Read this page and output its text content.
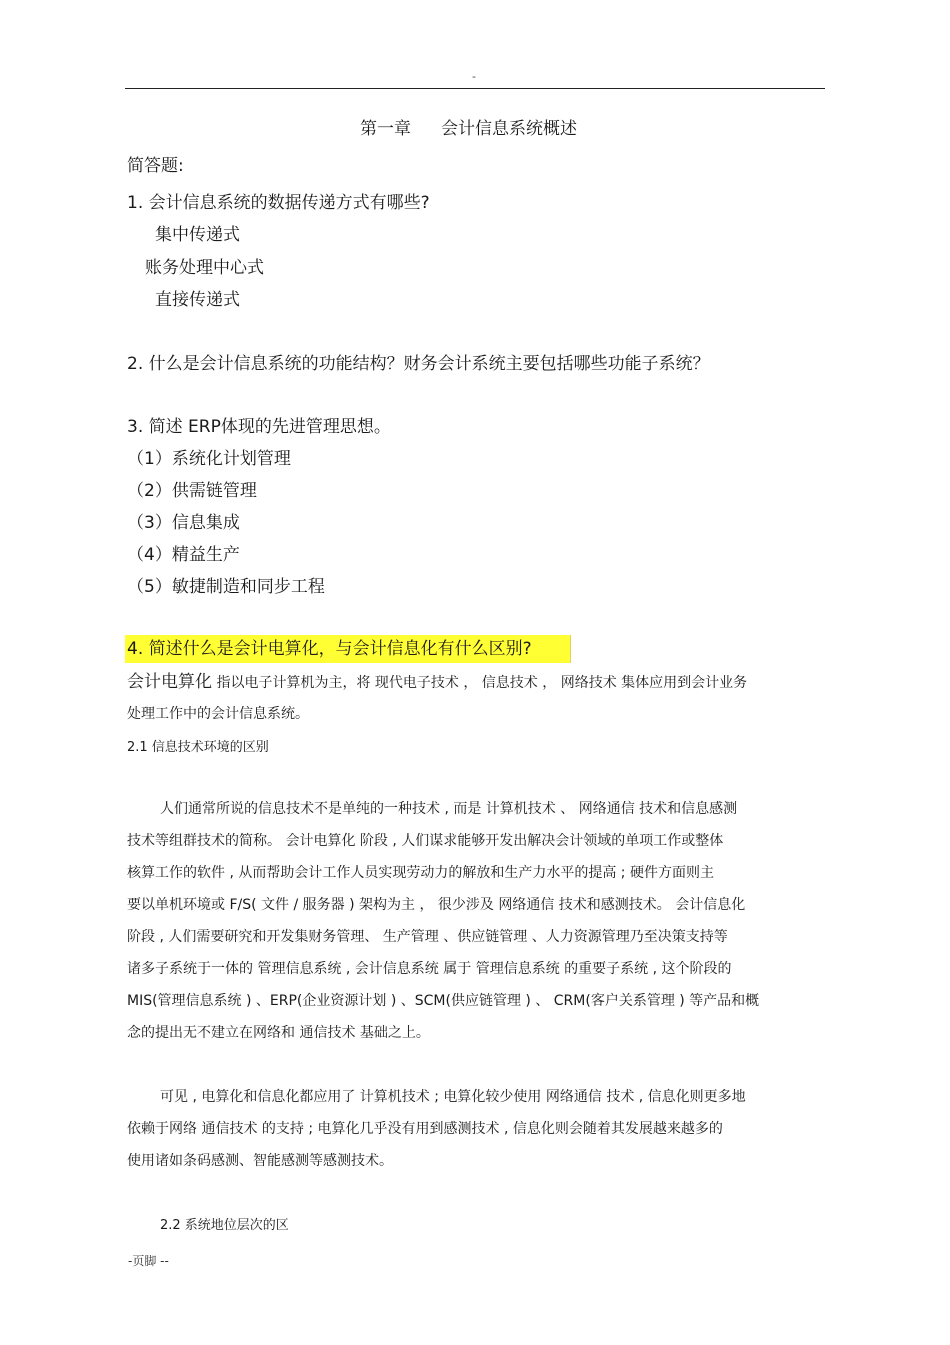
-
第一章 会计信息系统概述
简答题:
1. 会计信息系统的数据传递方式有哪些?
集中传递式
账务处理中心式
直接传递式
2. 什么是会计信息系统的功能结构？财务会计系统主要包括哪些功能子系统？
3. 简述 ERP体现的先进管理思想。
（1）系统化计划管理
（2）供需链管理
（3）信息集成
（4）精益生产
（5）敏捷制造和同步工程
4. 简述什么是会计电算化，与会计信息化有什么区别?
会计电算化 指以电子计算机为主，将 现代电子技术 ， 信息技术 ， 网络技术 集体应用到会计业务
处理工作中的会计信息系统。
2.1 信息技术环境的区别
人们通常所说的信息技术不是单纯的一种技术 , 而是 计算机技术 、 网络通信 技术和信息感测
技术等组群技术的简称。 会计电算化 阶段 , 人们谋求能够开发出解决会计领域的单项工作或整体
核算工作的软件 , 从而帮助会计工作人员实现劳动力的解放和生产力水平的提高 ; 硬件方面则主
要以单机环境或 F/S( 文件 / 服务器 ) 架构为主 ， 很少涉及 网络通信 技术和感测技术。 会计信息化
阶段 , 人们需要研究和开发集财务管理、 生产管理 、供应链管理 、人力资源管理乃至决策支持等
诸多子系统于一体的 管理信息系统 , 会计信息系统 属于 管理信息系统 的重要子系统 , 这个阶段的
MIS(管理信息系统 ) 、ERP(企业资源计划 ) 、SCM(供应链管理 ) 、 CRM(客户关系管理 ) 等产品和概
念的提出无不建立在网络和 通信技术 基础之上。
可见 , 电算化和信息化都应用了 计算机技术 ; 电算化较少使用 网络通信 技术 , 信息化则更多地
依赖于网络 通信技术 的支持 ; 电算化几乎没有用到感测技术 , 信息化则会随着其发展越来越多的
使用诸如条码感测、智能感测等感测技术。
2.2 系统地位层次的区
-页脚 --
